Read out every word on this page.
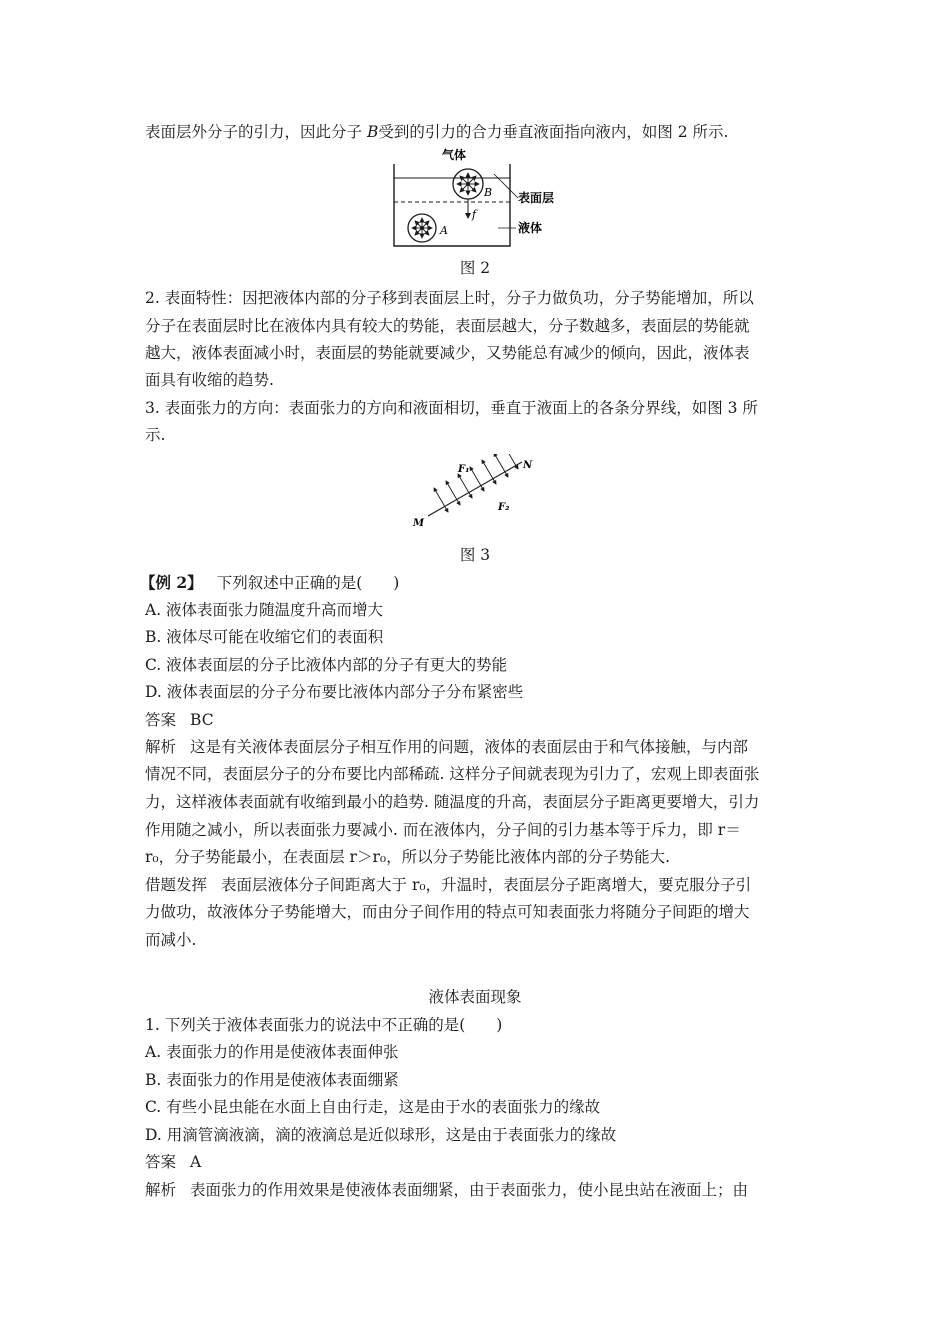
表面层外分子的引力，因此分子 B受到的引力的合力垂直液面指向液内，如图 2 所示.
f
A
B
气体
表面层
液体
图 2
2. 表面特性：因把液体内部的分子移到表面层上时，分子力做负功，分子势能增加，所以
分子在表面层时比在液体内具有较大的势能，表面层越大，分子数越多，表面层的势能就
越大，液体表面减小时，表面层的势能就要减少，又势能总有减少的倾向，因此，液体表
面具有收缩的趋势.
3. 表面张力的方向：表面张力的方向和液面相切，垂直于液面上的各条分界线，如图 3 所
示.
F₁
F₂
M
N
图 3
【例 2】 下列叙述中正确的是(　　)
A. 液体表面张力随温度升高而增大
B. 液体尽可能在收缩它们的表面积
C. 液体表面层的分子比液体内部的分子有更大的势能
D. 液体表面层的分子分布要比液体内部分子分布紧密些
答案 BC
解析 这是有关液体表面层分子相互作用的问题，液体的表面层由于和气体接触，与内部
情况不同，表面层分子的分布要比内部稀疏. 这样分子间就表现为引力了，宏观上即表面张
力，这样液体表面就有收缩到最小的趋势. 随温度的升高，表面层分子距离更要增大，引力
作用随之减小，所以表面张力要减小. 而在液体内，分子间的引力基本等于斥力，即 r＝
r₀，分子势能最小，在表面层 r＞r₀，所以分子势能比液体内部的分子势能大.
借题发挥 表面层液体分子间距离大于 r₀，升温时，表面层分子距离增大，要克服分子引
力做功，故液体分子势能增大，而由分子间作用的特点可知表面张力将随分子间距的增大
而减小.
液体表面现象
1. 下列关于液体表面张力的说法中不正确的是(　　)
A. 表面张力的作用是使液体表面伸张
B. 表面张力的作用是使液体表面绷紧
C. 有些小昆虫能在水面上自由行走，这是由于水的表面张力的缘故
D. 用滴管滴液滴，滴的液滴总是近似球形，这是由于表面张力的缘故
答案 A
解析 表面张力的作用效果是使液体表面绷紧，由于表面张力，使小昆虫站在液面上；由
